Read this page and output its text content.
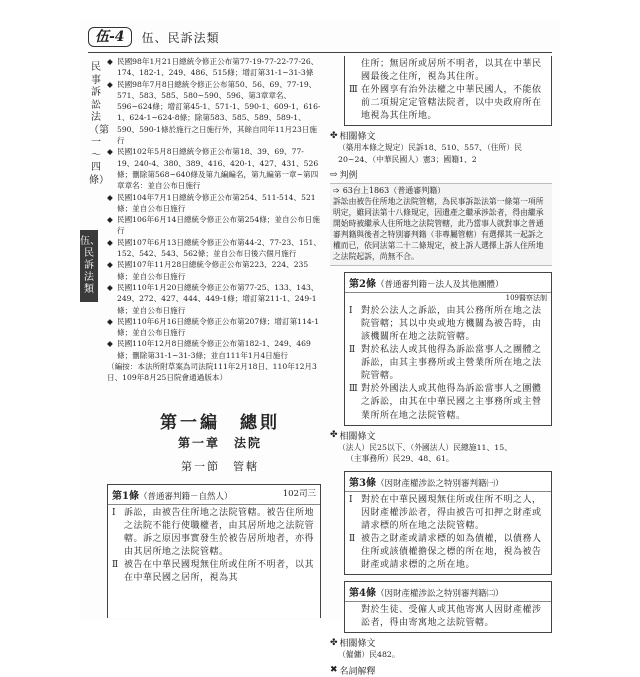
伍-4	伍、民訴法類
民事訴訟法（第一～四條）
伍、民訴法類
◆ 民國98年1月21日總統令修正公布第77-19-77-22-77-26、174、182-1、249、486、515條；增訂第31-1~31-3條
◆ 民國98年7月8日總統令修正公布第50、56、69、77-19、571、583、585、580~590、596、第3章章名、596~624條；增訂第45-1、571-1、590-1、609-1、616-1、624-1~624-8條；除第583、585、589、589-1、590、590-1條於施行之日施行外，其餘自同年11月23日施行
◆ 民國102年5月8日總統令修正公布第18、39、69、77-19、240-4、380、389、416、420-1、427、431、526條；刪除第568~640條及第九編編名，第九編第一章~第四章章名：並自公布日施行
◆ 民國104年7月1日總統令修正公布第254、511-514、521條；並自公布日施行
◆ 民國106年6月14日總統令修正公布第254條；並自公布日施行
◆ 民國107年6月13日總統令修正公布第44-2、77-23、151、152、542、543、562條；並自公布日後六個月施行
◆ 民國107年11月28日總統令修正公布第223、224、235條；並自公布日施行
◆ 民國110年1月20日總統令修正公布第77-25、133、143、249、272、427、444、449-1條；增訂第211-1、249-1條；並自公布日施行
◆ 民國110年6月16日總統令修正公布第207條；增訂第114-1條；並自公布日施行
◆ 民國110年12月8日總統令修正公布第182-1、249、469條；刪除第31-1~31-3條；並自111年1月4日施行
（編按：本法所附草案為司法院111年2月18日、110年12月3日、109年8月25日院會通過版本）
第一編　總則
第一章　法院
第一節　管轄
第1條（普通審判籍－自然人）	102司三
Ⅰ 訴訟，由被告住所地之法院管轄。被告住所地之法院不能行使職權者，由其居所地之法院管轄。訴之原因事實發生於被告居所地者，亦得由其居所地之法院管轄。
Ⅱ 被告在中華民國現無住所或住所不明者，以其在中華民國之居所，視為其
住所；無居所或居所不明者，以其在中華民國最後之住所，視為其住所。
Ⅲ 在外國享有治外法權之中華民國人，不能依前二項規定定管轄法院者，以中央政府所在地視為其住所地。
✤ 相關條文
（築用本條之規定）民訴18、510、557、（住所）民20~24、（中華民國人）憲3；國籍1、2
⇨ 判例
➩ 63台上1863（普通審判籍）
訴訟由被告住所地之法院管轄，為民事訴訟法第一條第一項所明定，雖同法第十八條規定，因遺產之繼承涉訟者，得由繼承開始時被繼承人住所地之法院管轄，此乃當事人就對事之普通審判籍與後者之特別審判籍（非專屬管轄）有選擇其一起訴之權而已，依同法第二十二條規定，被上訴人選擇上訴人住所地之法院起訴，尚無不合。
第2條（普通審判籍－法人及其他團體）
109醫察法制
Ⅰ 對於公法人之訴訟，由其公務所所在地之法院管轄；其以中央或地方機關為被告時，由該機關所在地之法院管轄。
Ⅱ 對於私法人或其他得為訴訟當事人之團體之訴訟，由其主事務所或主營業所所在地之法院管轄。
Ⅲ 對於外國法人或其他得為訴訟當事人之團體之訴訟，由其在中華民國之主事務所或主營業所所在地之法院管轄。
✤ 相關條文
（法人）民25以下、（外國法人）民總施11、15、
（主事務所）民29、48、61。
第3條（因財產權涉訟之特別審判籍㈠）
Ⅰ 對於在中華民國現無住所或住所不明之人，因財產權涉訟者，得由被告可扣押之財產或請求標的所在地之法院管轄。
Ⅱ 被告之財產或請求標的如為債權，以債務人住所或該債權擔保之標的所在地，視為被告財產或請求標的之所在地。
第4條（因財產權涉訟之特別審判籍㈡）
對於生徒、受僱人或其他寄寓人因財產權涉訟者，得由寄寓地之法院管轄。
✤ 相關條文
（僱傭）民482。
✖ 名詞解釋
